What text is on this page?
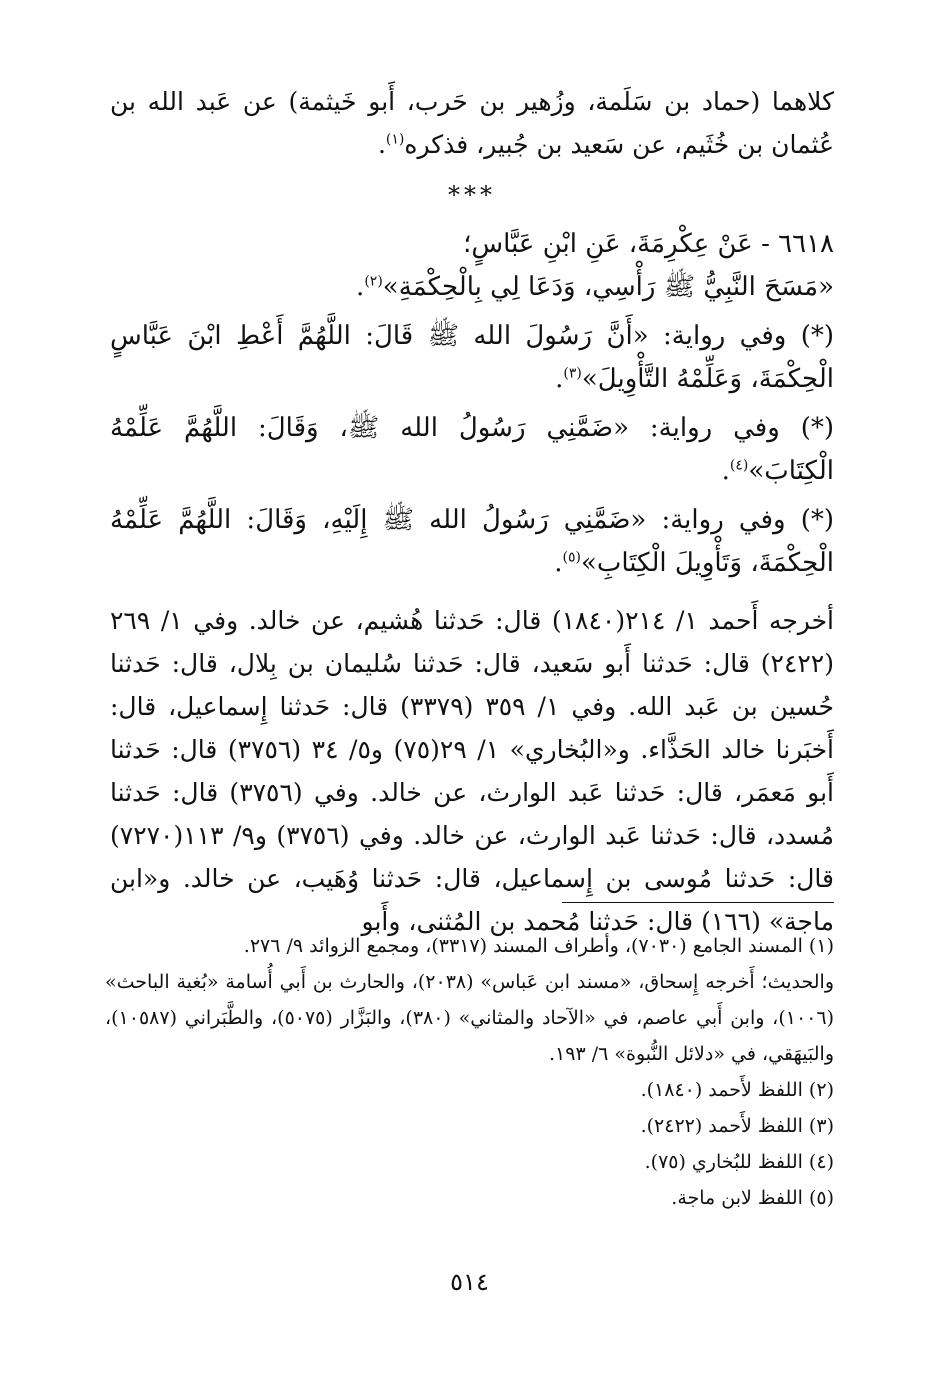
كلاهما (حماد بن سَلَمة، وزُهير بن حَرب، أَبو خَيثمة) عن عَبد الله بن عُثمان بن خُثَيم، عن سَعيد بن جُبير، فذكره$^{(١)}$.

***

٦٦١٨ - عَنْ عِكْرِمَةَ، عَنِ ابْنِ عَبَّاسٍ؛

«مَسَحَ النَّبِيُّ ﷺ رَأْسِي، وَدَعَا لِي بِالْحِكْمَةِ»$^{(٢)}$.

(*) وفي رواية: «أَنَّ رَسُولَ الله ﷺ قَالَ: اللَّهُمَّ أَعْطِ ابْنَ عَبَّاسٍ الْحِكْمَةَ، وَعَلِّمْهُ التَّأْوِيلَ»$^{(٣)}$.

(*) وفي رواية: «ضَمَّنِي رَسُولُ الله ﷺ، وَقَالَ: اللَّهُمَّ عَلِّمْهُ الْكِتَابَ»$^{(٤)}$.

(*) وفي رواية: «ضَمَّنِي رَسُولُ الله ﷺ إِلَيْهِ، وَقَالَ: اللَّهُمَّ عَلِّمْهُ الْحِكْمَةَ، وَتَأْوِيلَ الْكِتَابِ»$^{(٥)}$.

أخرجه أَحمد ١/ ٢١٤(١٨٤٠) قال: حَدثنا هُشيم، عن خالد. وفي ١/ ٢٦٩ (٢٤٢٢) قال: حَدثنا أَبو سَعيد، قال: حَدثنا سُليمان بن بِلال، قال: حَدثنا حُسين بن عَبد الله. وفي ١/ ٣٥٩ (٣٣٧٩) قال: حَدثنا إِسماعيل، قال: أَخبَرنا خالد الحَذَّاء. و«البُخاري» ١/ ٢٩(٧٥) و٥/ ٣٤ (٣٧٥٦) قال: حَدثنا أَبو مَعمَر، قال: حَدثنا عَبد الوارث، عن خالد. وفي (٣٧٥٦) قال: حَدثنا مُسدد، قال: حَدثنا عَبد الوارث، عن خالد. وفي (٣٧٥٦) و٩/ ١١٣(٧٢٧٠) قال: حَدثنا مُوسى بن إِسماعيل، قال: حَدثنا وُهَيب، عن خالد. و«ابن ماجة» (١٦٦) قال: حَدثنا مُحمد بن المُثنى، وأَبو

(١) المسند الجامع (٧٠٣٠)، وأطراف المسند (٣٣١٧)، ومجمع الزوائد ٩/ ٢٧٦.

والحديث؛ أَخرجه إِسحاق، «مسند ابن عَباس» (٢٠٣٨)، والحارث بن أَبي أُسامة «بُغية الباحث» (١٠٠٦)، وابن أَبي عاصم، في «الآحاد والمثاني» (٣٨٠)، والبَزَّار (٥٠٧٥)، والطَّبَراني (١٠٥٨٧)، والبَيهَقي، في «دلائل النُّبوة» ٦/ ١٩٣.

(٢) اللفظ لأَحمد (١٨٤٠).

(٣) اللفظ لأَحمد (٢٤٢٢).

(٤) اللفظ للبُخاري (٧٥).

(٥) اللفظ لابن ماجة.

٥١٤
